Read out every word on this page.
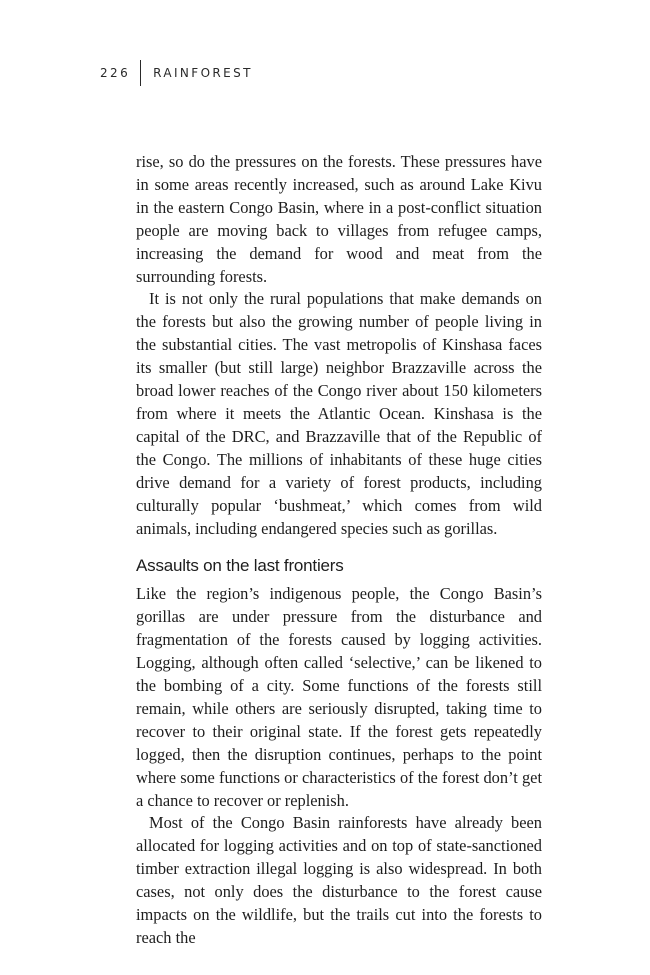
226 RAINFOREST

rise, so do the pressures on the forests. These pressures have in some areas recently increased, such as around Lake Kivu in the eastern Congo Basin, where in a post-conflict situation people are moving back to villages from refugee camps, increasing the demand for wood and meat from the surrounding forests.

It is not only the rural populations that make demands on the forests but also the growing number of people living in the substantial cities. The vast metropolis of Kinshasa faces its smaller (but still large) neighbor Brazzaville across the broad lower reaches of the Congo river about 150 kilometers from where it meets the Atlantic Ocean. Kinshasa is the capital of the DRC, and Brazzaville that of the Republic of the Congo. The millions of inhabitants of these huge cities drive demand for a variety of forest products, including culturally popular ‘bushmeat,’ which comes from wild animals, including endangered species such as gorillas.

Assaults on the last frontiers

Like the region’s indigenous people, the Congo Basin’s gorillas are under pressure from the disturbance and fragmentation of the forests caused by logging activities. Logging, although often called ‘selective,’ can be likened to the bombing of a city. Some functions of the forests still remain, while others are seriously disrupted, taking time to recover to their original state. If the forest gets repeatedly logged, then the disruption continues, perhaps to the point where some functions or characteristics of the forest don’t get a chance to recover or replenish.

Most of the Congo Basin rainforests have already been allocated for logging activities and on top of state-sanctioned timber extraction illegal logging is also widespread. In both cases, not only does the disturbance to the forest cause impacts on the wildlife, but the trails cut into the forests to reach the
